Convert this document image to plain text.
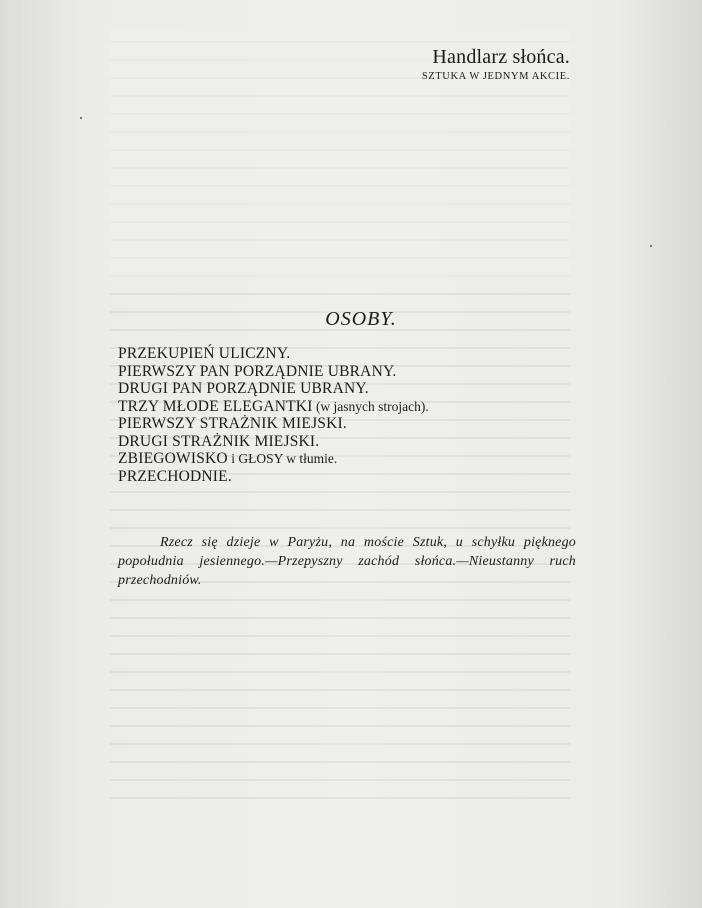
Handlarz słońca.
SZTUKA W JEDNYM AKCIE.
OSOBY.
PRZEKUPIEŃ ULICZNY.
PIERWSZY PAN PORZĄDNIE UBRANY.
DRUGI PAN PORZĄDNIE UBRANY.
TRZY MŁODE ELEGANTKI (w jasnych strojach).
PIERWSZY STRAŻNIK MIEJSKI.
DRUGI STRAŻNIK MIEJSKI.
ZBIEGOWISKO i GŁOSY w tłumie.
PRZECHODNIE.

Rzecz się dzieje w Paryżu, na moście Sztuk, u schyłku pięknego popołudnia jesiennego.—Przepyszny zachód słońca.—Nieustanny ruch przechodniów.
